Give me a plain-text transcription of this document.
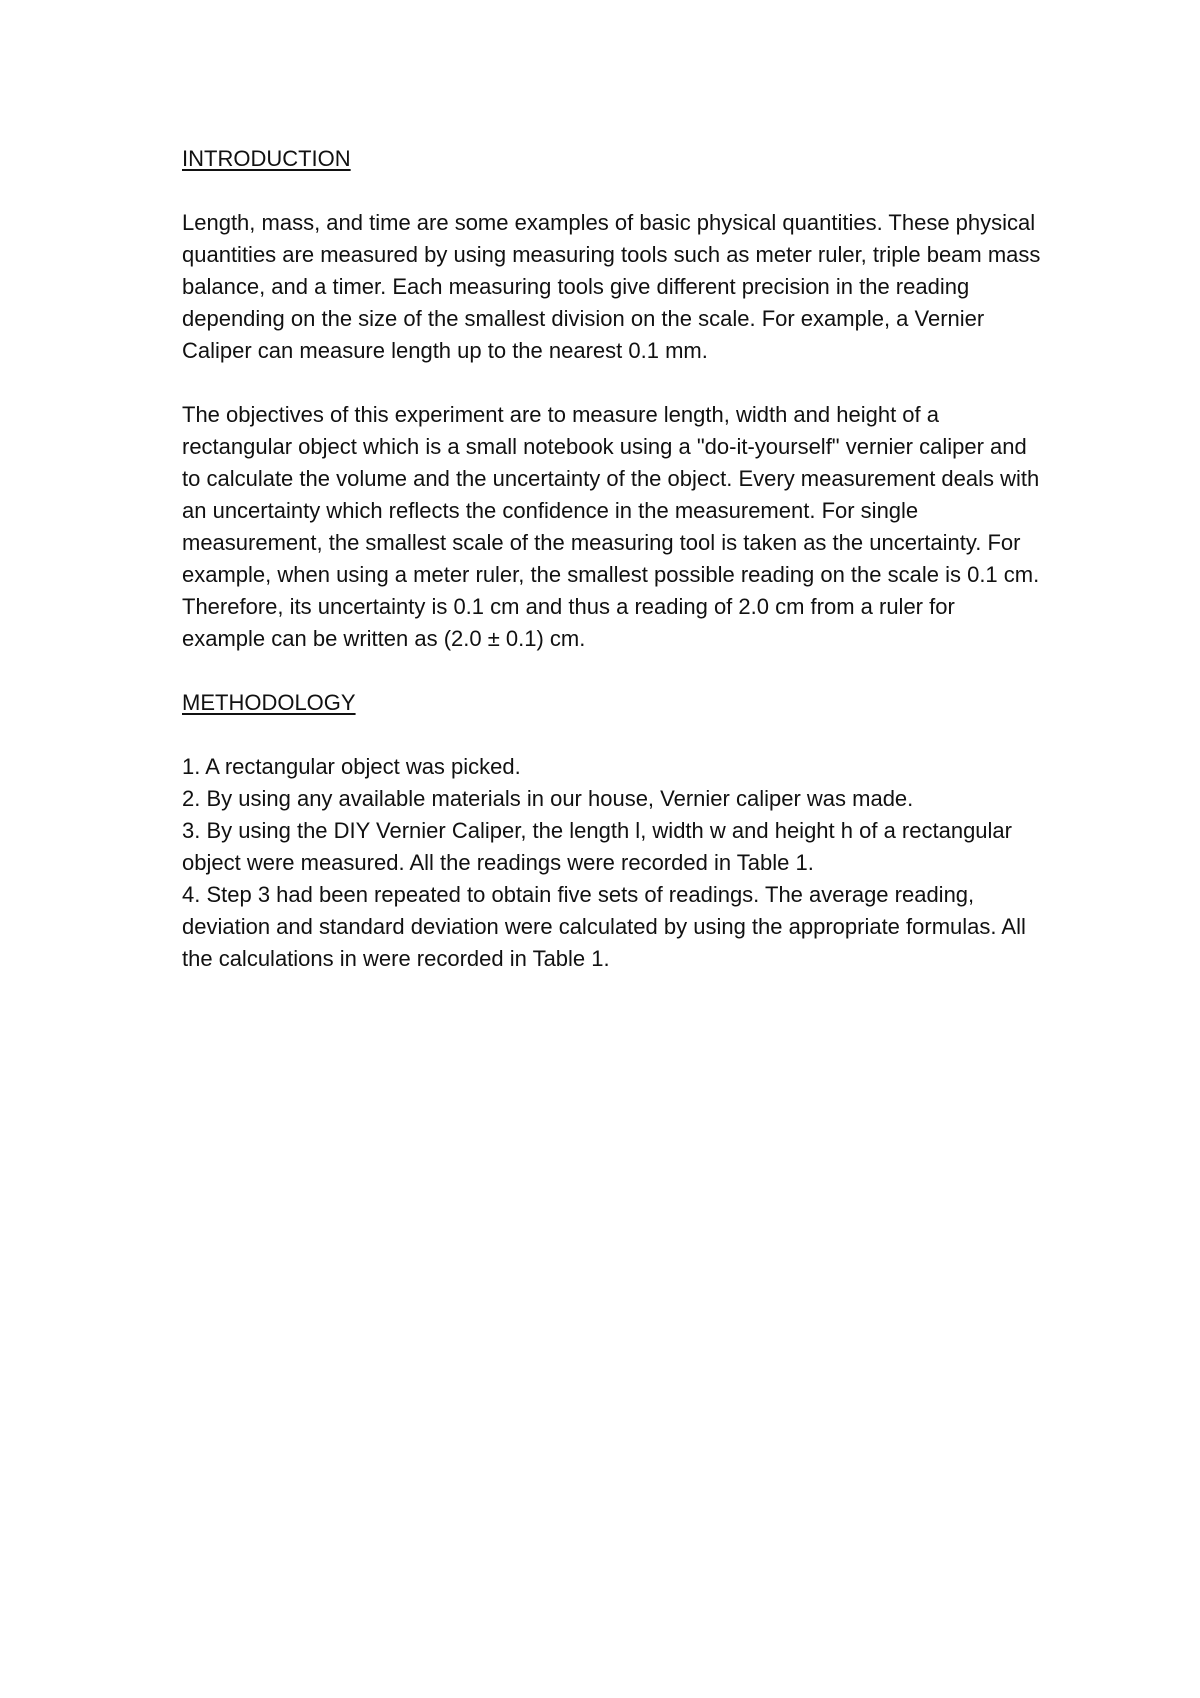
INTRODUCTION

Length, mass, and time are some examples of basic physical quantities. These physical quantities are measured by using measuring tools such as meter ruler, triple beam mass balance, and a timer. Each measuring tools give different precision in the reading depending on the size of the smallest division on the scale. For example, a Vernier Caliper can measure length up to the nearest 0.1 mm.

The objectives of this experiment are to measure length, width and height of a rectangular object which is a small notebook using a "do-it-yourself" vernier caliper and to calculate the volume and the uncertainty of the object. Every measurement deals with an uncertainty which reflects the confidence in the measurement. For single measurement, the smallest scale of the measuring tool is taken as the uncertainty. For example, when using a meter ruler, the smallest possible reading on the scale is 0.1 cm. Therefore, its uncertainty is 0.1 cm and thus a reading of 2.0 cm from a ruler for example can be written as (2.0 ± 0.1) cm.

METHODOLOGY
1. A rectangular object was picked.
2. By using any available materials in our house, Vernier caliper was made.
3. By using the DIY Vernier Caliper, the length l, width w and height h of a rectangular object were measured. All the readings were recorded in Table 1.
4. Step 3 had been repeated to obtain five sets of readings. The average reading, deviation and standard deviation were calculated by using the appropriate formulas. All the calculations in were recorded in Table 1.
